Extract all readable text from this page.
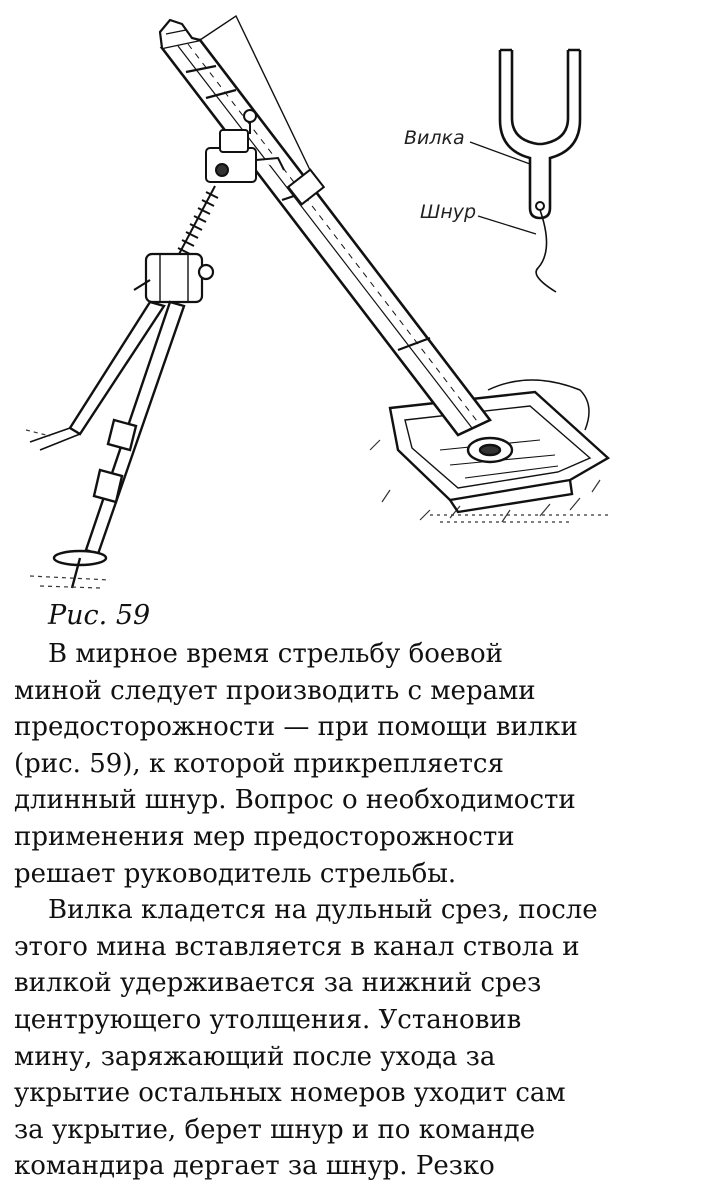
Вилка
Шнур
Рис. 59
В мирное время стрельбу боевой
миной следует производить с мерами
предосторожности — при помощи вилки
(рис. 59), к которой прикрепляется
длинный шнур. Вопрос о необходимости
применения мер предосторожности
решает руководитель стрельбы.
Вилка кладется на дульный срез, после
этого мина вставляется в канал ствола и
вилкой удерживается за нижний срез
центрующего утолщения. Установив
мину, заряжающий после ухода за
укрытие остальных номеров уходит сам
за укрытие, берет шнур и по команде
командира дергает за шнур. Резко
